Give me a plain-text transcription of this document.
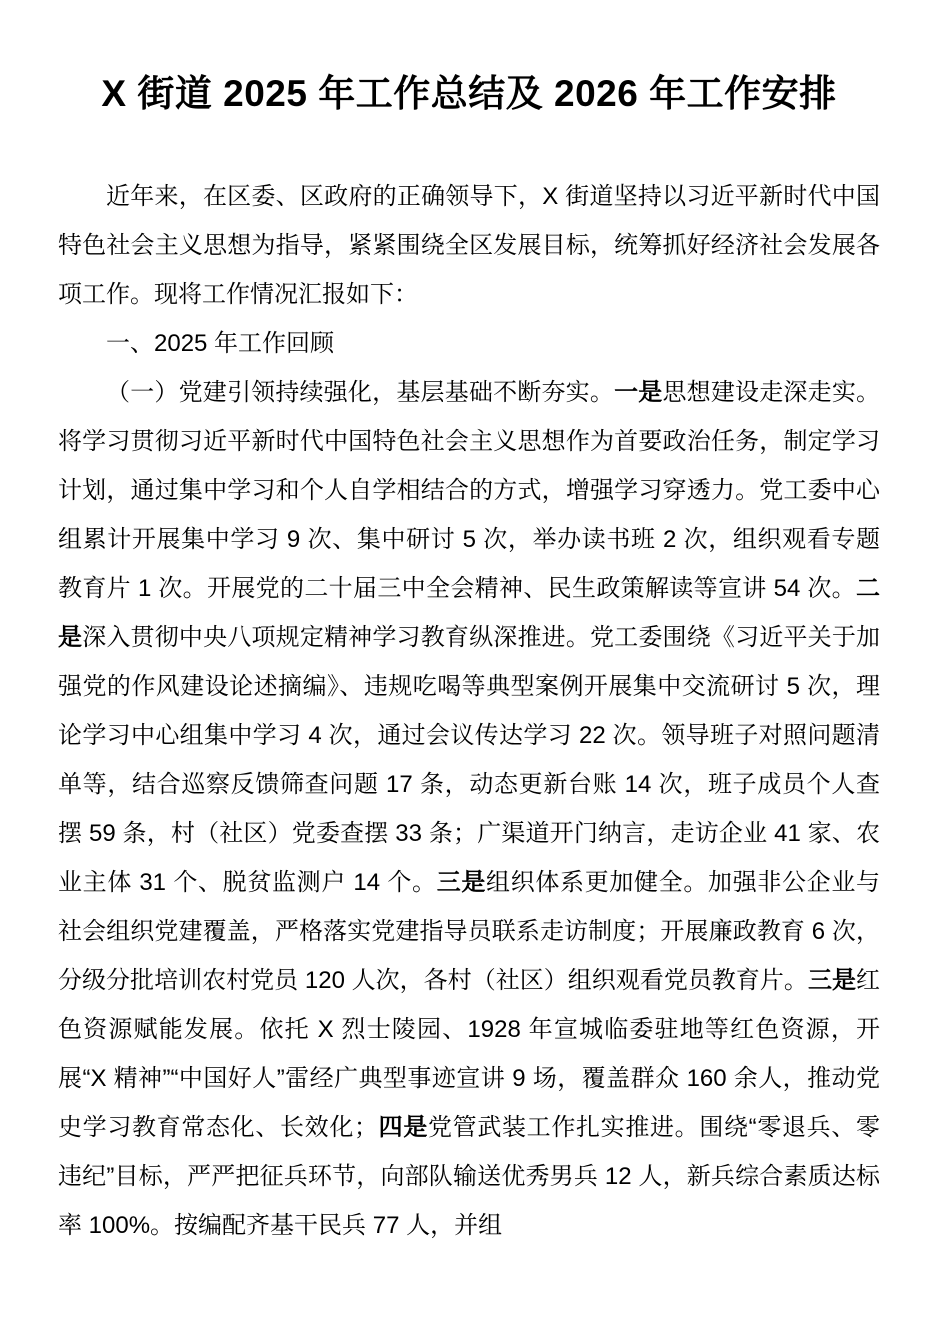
X 街道 2025 年工作总结及 2026 年工作安排

近年来，在区委、区政府的正确领导下，X 街道坚持以习近平新时代中国特色社会主义思想为指导，紧紧围绕全区发展目标，统筹抓好经济社会发展各项工作。现将工作情况汇报如下：

一、2025 年工作回顾

（一）党建引领持续强化，基层基础不断夯实。一是思想建设走深走实。将学习贯彻习近平新时代中国特色社会主义思想作为首要政治任务，制定学习计划，通过集中学习和个人自学相结合的方式，增强学习穿透力。党工委中心组累计开展集中学习 9 次、集中研讨 5 次，举办读书班 2 次，组织观看专题教育片 1 次。开展党的二十届三中全会精神、民生政策解读等宣讲 54 次。二是深入贯彻中央八项规定精神学习教育纵深推进。党工委围绕《习近平关于加强党的作风建设论述摘编》、违规吃喝等典型案例开展集中交流研讨 5 次，理论学习中心组集中学习 4 次，通过会议传达学习 22 次。领导班子对照问题清单等，结合巡察反馈筛查问题 17 条，动态更新台账 14 次，班子成员个人查摆 59 条，村（社区）党委查摆 33 条；广渠道开门纳言，走访企业 41 家、农业主体 31 个、脱贫监测户 14 个。三是组织体系更加健全。加强非公企业与社会组织党建覆盖，严格落实党建指导员联系走访制度；开展廉政教育 6 次，分级分批培训农村党员 120 人次，各村（社区）组织观看党员教育片。三是红色资源赋能发展。依托 X 烈士陵园、1928 年宣城临委驻地等红色资源，开展“X 精神”“中国好人”雷经广典型事迹宣讲 9 场，覆盖群众 160 余人，推动党史学习教育常态化、长效化；四是党管武装工作扎实推进。围绕“零退兵、零违纪”目标，严严把征兵环节，向部队输送优秀男兵 12 人，新兵综合素质达标率 100%。按编配齐基干民兵 77 人，并组
